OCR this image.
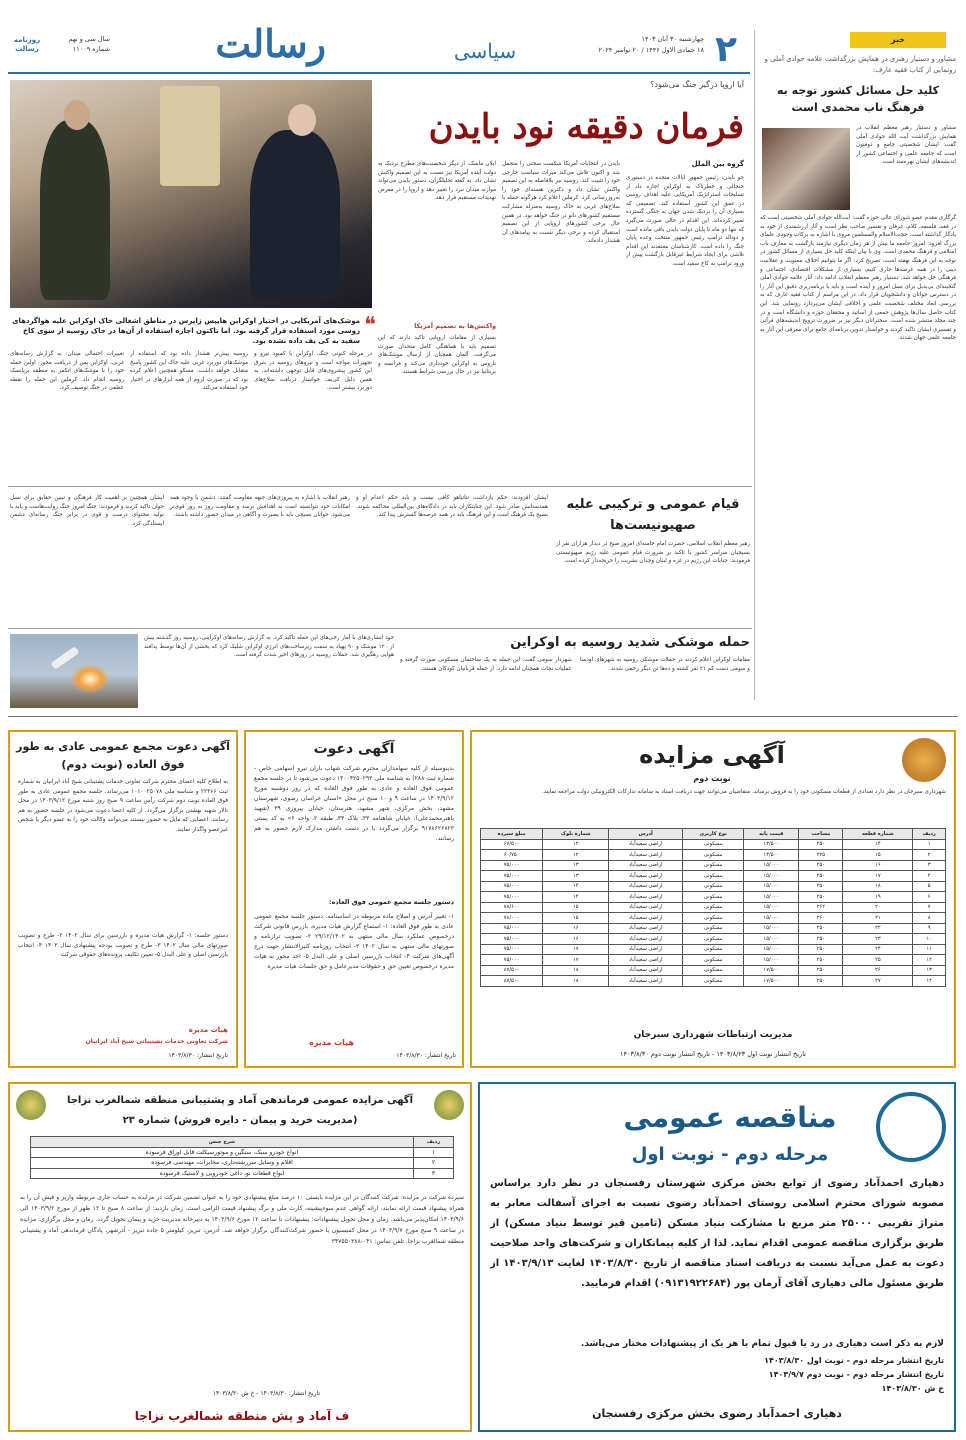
روزنامه رسالت
سال سی و نهم
شماره ۱۱۰۰۹	رسالت	سیاسی	چهارشنبه ۳۰ آبان ۱۴۰۳
۱۸ جمادی الاول ۱۴۴۶ / ۲۰ نوامبر ۲۰۲۴ ۲	خبر
مشاور و دستیار رهبری در همایش بزرگداشت علامه جوادی آملی و رونمایی از کتاب فقیه عارف:
کلید حل مسائل کشور توجه به فرهنگ ناب محمدی است
مشاور و دستیار رهبر معظم انقلاب در همایش بزرگداشت آیت الله جوادی آملی گفت: ایشان شخصیتی جامع و ذوفنون است که جامعه علمی و اجتماعی کشور از اندیشه‌های ایشان بهره‌مند است.
گرگاری مقدم عضو شورای عالی حوزه گفت: آیت‌الله جوادی آملی شخصیتی است که در فقه، فلسفه، کلام، عرفان و تفسیر صاحب نظر است و آثار ارزشمندی از خود به یادگار گذاشته است. حجت‌الاسلام والمسلمین مروی با اشاره به برکات وجودی علمای بزرگ افزود: امروز جامعه ما بیش از هر زمان دیگری نیازمند بازگشت به معارف ناب اسلامی و فرهنگ محمدی است. وی با بیان اینکه کلید حل بسیاری از مسائل کشور در توجه به این فرهنگ نهفته است، تصریح کرد: اگر ما بتوانیم اخلاق، معنویت و عقلانیت دینی را در همه عرصه‌ها جاری کنیم، بسیاری از مشکلات اقتصادی، اجتماعی و فرهنگی حل خواهد شد. دستیار رهبر معظم انقلاب ادامه داد: آثار علامه جوادی آملی گنجینه‌ای بی‌بدیل برای نسل امروز و آینده است و باید با برنامه‌ریزی دقیق این آثار را در دسترس جوانان و دانشجویان قرار داد. در این مراسم از کتاب فقیه عارف که به بررسی ابعاد مختلف شخصیت علمی و اخلاقی ایشان می‌پردازد رونمایی شد. این کتاب حاصل سال‌ها پژوهش جمعی از اساتید و محققان حوزه و دانشگاه است و در چند مجلد منتشر شده است. سخنرانان دیگر نیز بر ضرورت ترویج اندیشه‌های قرآنی و تفسیری ایشان تاکید کردند و خواستار تدوین برنامه‌ای جامع برای معرفی این آثار به جامعه علمی جهان شدند.
آیا اروپا درگیر جنگ می‌شود؟
فرمان دقیقه نود بایدن
❝
موشک‌های آمریکایی در اختیار اوکراین هایپس زاپرس در مناطق اشغالی خاک اوکراین علیه هواگردهای روسی مورد استفاده قرار گرفته بود. اما تاکنون اجازه استفاده از آن‌ها در خاک روسیه از سوی کاخ سفید به کی یف داده نشده بود.
گروه بین الملل
جو بایدن، رئیس جمهور ایالات متحده در دستوری جنجالی و خطرناک به اوکراین اجازه داد از تسلیحات استراتژیک آمریکایی علیه اهداف روسی در عمق این کشور استفاده کند. تصمیمی که بسیاری آن را نزدیک شدن جهان به جنگی گسترده تعبیر کرده‌اند. این اقدام در حالی صورت می‌گیرد که تنها دو ماه تا پایان دولت بایدن باقی مانده است و دونالد ترامپ رئیس جمهور منتخب وعده پایان جنگ را داده است. کارشناسان معتقدند این اقدام تلاشی برای ایجاد شرایط غیرقابل بازگشت پیش از ورود ترامپ به کاخ سفید است.
بایدن در انتخابات آمریکا شکست سختی را متحمل شد و اکنون تلاش می‌کند میراث سیاست خارجی خود را تثبیت کند. روسیه نیز بلافاصله به این تصمیم واکنش نشان داد و دکترین هسته‌ای خود را به‌روزرسانی کرد. کرملین اعلام کرد هرگونه حمله با سلاح‌های غربی به خاک روسیه به‌منزله مشارکت مستقیم کشورهای ناتو در جنگ خواهد بود. در همین حال برخی کشورهای اروپایی از این تصمیم استقبال کرده و برخی دیگر نسبت به پیامدهای آن هشدار داده‌اند.
ایلان ماسک، از دیگر شخصیت‌های مطرح نزدیک به دولت آینده آمریکا نیز نسبت به این تصمیم واکنش نشان داد. به گفته تحلیلگران، دستور بایدن می‌تواند موازنه میدان نبرد را تغییر دهد و اروپا را در معرض تهدیدات مستقیم قرار دهد.
واکنش‌ها به تصمیم آمریکا
بسیاری از مقامات اروپایی تاکید دارند که این تصمیم باید با هماهنگی کامل متحدان صورت می‌گرفت. آلمان همچنان از ارسال موشک‌های تاروس به اوکراین خودداری می‌کند و فرانسه و بریتانیا نیز در حال بررسی شرایط هستند.
در مرحله کنونی جنگ، اوکراین با کمبود نیرو و تجهیزات مواجه است و نیروهای روسیه در شرق این کشور پیشروی‌های قابل توجهی داشته‌اند. به همین دلیل کی‌یف خواستار دریافت سلاح‌های دوربرد بیشتر است.
روسیه پیش‌تر هشدار داده بود که استفاده از موشک‌های دوربرد غربی علیه خاک این کشور پاسخ متقابل خواهد داشت. مسکو همچنین اعلام کرده بود که در صورت لزوم از همه ابزارهای در اختیار خود استفاده می‌کند.
تغییرات احتمالی میدان: به گزارش رسانه‌های غربی، اوکراین پس از دریافت مجوز، اولین حمله خود را با موشک‌های اتکمز به منطقه بریانسک روسیه انجام داد. کرملین این حمله را نقطه عطفی در جنگ توصیف کرد.
قیام عمومی و ترکیبی علیه صهیونیست‌ها
رهبر معظم انقلاب اسلامی، حضرت امام خامنه‌ای امروز صبح در دیدار هزاران نفر از بسیجیان سراسر کشور با تاکید بر ضرورت قیام عمومی علیه رژیم صهیونیستی فرمودند: جنایات این رژیم در غزه و لبنان وجدان بشریت را جریحه‌دار کرده است.
ایشان افزودند: حکم بازداشت نتانیاهو کافی نیست و باید حکم اعدام او و همدستانش صادر شود. این جنایتکاران باید در دادگاه‌های بین‌المللی محاکمه شوند. بسیج یک فرهنگ است و این فرهنگ باید در همه عرصه‌ها گسترش پیدا کند.
رهبر انقلاب با اشاره به پیروزی‌های جبهه مقاومت گفتند: دشمن با وجود همه امکانات خود نتوانسته است به اهدافش برسد و مقاومت روز به روز قوی‌تر می‌شود. جوانان بسیجی باید با بصیرت و آگاهی در میدان حضور داشته باشند.
ایشان همچنین بر اهمیت کار فرهنگی و تبیین حقایق برای نسل جوان تاکید کردند و فرمودند: جنگ امروز جنگ روایت‌هاست و باید با تولید محتوای درست و قوی در برابر جنگ رسانه‌ای دشمن ایستادگی کرد.
حمله موشکی شدید روسیه به اوکراین
مقامات اوکراین اعلام کردند در حملات موشکی روسیه به شهرهای اودسا و سومی دست کم ۲۱ نفر کشته و ده‌ها تن دیگر زخمی شدند.
شهردار سومی گفت: این حمله به یک ساختمان مسکونی صورت گرفته و عملیات نجات همچنان ادامه دارد. از جمله قربانیان کودکان هستند.
خود انشاری‌های با آمار رخی‌های این حمله تاکید کرد. به گزارش رسانه‌های اوکراینی، روسیه روز گذشته بیش از ۱۲۰ موشک و ۹۰ پهپاد به سمت زیرساخت‌های انرژی اوکراین شلیک کرد که بخشی از آن‌ها توسط پدافند هوایی رهگیری شد. حملات روسیه در روزهای اخیر شدت گرفته است.
آگهی مزایده
نوبت دوم
شهرداری سیرجان در نظر دارد تعدادی از قطعات مسکونی خود را به فروش برساند. متقاضیان می‌توانند جهت دریافت اسناد به سامانه تدارکات الکترونیکی دولت مراجعه نمایند.
ردیف	شماره قطعه	مساحت	قیمت پایه	نوع کاربری	آدرس	شماره بلوک	مبلغ سپرده
۱	۱۴	۲۵۰	۱۳/۵۰۰	مسکونی	اراضی سعیدآباد	۱۲	۶۷/۵۰۰
۲	۱۵	۲۲۵	۱۳/۵۰۰	مسکونی	اراضی سعیدآباد	۱۲	۶۰/۷۵۰
۳	۱۶	۲۵۰	۱۵/۰۰۰	مسکونی	اراضی سعیدآباد	۱۳	۷۵/۰۰۰
۴	۱۷	۲۵۰	۱۵/۰۰۰	مسکونی	اراضی سعیدآباد	۱۳	۷۵/۰۰۰
۵	۱۸	۲۵۰	۱۵/۰۰۰	مسکونی	اراضی سعیدآباد	۱۴	۷۵/۰۰۰
۶	۱۹	۲۵۰	۱۵/۰۰۰	مسکونی	اراضی سعیدآباد	۱۴	۷۵/۰۰۰
۷	۲۰	۲۶۲	۱۵/۰۰۰	مسکونی	اراضی سعیدآباد	۱۵	۷۸/۶۰۰
۸	۲۱	۲۶۰	۱۵/۰۰۰	مسکونی	اراضی سعیدآباد	۱۵	۷۸/۰۰۰
۹	۲۲	۲۵۰	۱۵/۰۰۰	مسکونی	اراضی سعیدآباد	۱۶	۷۵/۰۰۰
۱۰	۲۳	۲۵۰	۱۵/۰۰۰	مسکونی	اراضی سعیدآباد	۱۶	۷۵/۰۰۰
۱۱	۲۴	۲۵۰	۱۵/۰۰۰	مسکونی	اراضی سعیدآباد	۱۷	۷۵/۰۰۰
۱۲	۲۵	۲۵۰	۱۵/۰۰۰	مسکونی	اراضی سعیدآباد	۱۷	۷۵/۰۰۰
۱۳	۲۶	۲۵۰	۱۷/۵۰۰	مسکونی	اراضی سعیدآباد	۱۸	۸۷/۵۰۰
۱۴	۲۷	۲۵۰	۱۷/۵۰۰	مسکونی	اراضی سعیدآباد	۱۸	۸۷/۵۰۰
مدیریت ارتباطات شهرداری سیرجان
تاریخ انتشار نوبت اول ۱۴۰۳/۸/۲۳ - تاریخ انتشار نوبت دوم ۱۴۰۳/۸/۳۰
آگهی دعوت
بدینوسیله از کلیه سهامداران محترم شرکت شهاب باران نیرو (سهامی خاص - شماره ثبت ۲۸۸) به شناسه ملی ۱۴۰۰۴۲۵۰۲۹۳ دعوت می‌شود تا در جلسه مجمع عمومی فوق العاده و عادی به طور فوق العاده که در روز دوشنبه مورخ ۱۴۰۳/۹/۱۲ در ساعت ۹ و ۱۰ صبح در محل «استان خراسان رضوی، شهرستان مشهد، بخش مرکزی، شهر مشهد، هنرستان، خیابان پیروزی ۳۹ (شهید باهنرمحمدعلی)، خیابان شاهنامه ۳۳، پلاک ۳۴، طبقه ۲، واحد ۶» به کد پستی ۹۱۷۸۶۲۶۸۲۳ برگزار می‌گردد با در دست داشتن مدارک لازم حضور به هم رسانند.
دستور جلسه مجمع عمومی فوق العاده:
۱- تغییر آدرس و اصلاح ماده مربوطه در اساسنامه. دستور جلسه مجمع عمومی عادی به طور فوق العاده: ۱- استماع گزارش هیات مدیره، بازرس قانونی شرکت درخصوص عملکرد سال مالی منتهی به ۲۹/۱۲/۱۴۰۲ ۲- تصویب ترازنامه و صورتهای مالی منتهی به سال ۱۴۰۲ ۳- انتخاب روزنامه کثیرالانتشار جهت درج آگهی‌های شرکت ۴- انتخاب بازرسین اصلی و علی البدل ۵- اخذ مجوز به هیات مدیره درخصوص تعیین حق و حقوقات مدیرعامل و حق جلسات هیات مدیره
هیات مدیره
تاریخ انتشار: ۱۴۰۳/۸/۳۰
آگهی دعوت مجمع عمومی عادی به طور فوق العاده (نوبت دوم)
به اطلاع کلیه اعضای محترم شرکت تعاونی خدمات پشتیبانی شیخ آباد ایرانیان به شماره ثبت ۲۲۴۶۶ و شناسه ملی ۱۰۱۰۰۲۵۰۷۸ می‌رساند، جلسه مجمع عمومی عادی به طور فوق العاده نوبت دوم شرکت رأس ساعت ۹ صبح روز شنبه مورخ ۱۴۰۳/۹/۱۲ در محل تالار شهید بهشتی برگزار می‌گردد. از کلیه اعضا دعوت می‌شود در جلسه حضور به هم رسانند. اعضایی که مایل به حضور نیستند می‌توانند وکالت خود را به عضو دیگر یا شخص غیرعضو واگذار نمایند.
دستور جلسه: ۱- گزارش هیات مدیره و بازرسین برای سال ۱۴۰۲ ۲- طرح و تصویب صورتهای مالی سال ۱۴۰۲ ۳- طرح و تصویب بودجه پیشنهادی سال ۱۴۰۳ ۴- انتخاب بازرسین اصلی و علی البدل ۵- تعیین تکلیف پرونده‌های حقوقی شرکت
هیات مدیره
شرکت تعاونی خدمات پشتیبانی شیخ آباد ایرانیان
تاریخ انتشار: ۱۴۰۳/۸/۳۰
مناقصه عمومی
مرحله دوم - نوبت اول
دهیاری احمدآباد رضوی از توابع بخش مرکزی شهرستان رفسنجان در نظر دارد براساس مصوبه شورای محترم اسلامی روستای احمدآباد رضوی نسبت به اجرای آسفالت معابر به متراژ تقریبی ۲۵۰۰۰ متر مربع با مشارکت بنیاد مسکن (تامین قیر توسط بنیاد مسکن) از طریق برگزاری مناقصه عمومی اقدام نماید. لذا از کلیه پیمانکاران و شرکت‌های واجد صلاحیت دعوت به عمل می‌آید نسبت به دریافت اسناد مناقصه از تاریخ ۱۴۰۳/۸/۳۰ لغایت ۱۴۰۳/۹/۱۳ از طریق مسئول مالی دهیاری آقای آرمان پور (۰۹۱۳۱۹۲۲۶۸۴) اقدام فرمایید.
لازم به ذکر است دهیاری در رد یا قبول تمام یا هر یک از پیشنهادات مختار می‌باشد.
تاریخ انتشار مرحله دوم - نوبت اول ۱۴۰۳/۸/۳۰
تاریخ انتشار مرحله دوم - نوبت دوم ۱۴۰۳/۹/۷
خ ش ۱۴۰۳/۸/۳۰
دهیاری احمدآباد رضوی بخش مرکزی رفسنجان
آگهی مزایده عمومی فرماندهی آماد و پشتیبانی منطقه شمالغرب نزاجا
(مدیریت خرید و پیمان - دایره فروش) شماره ۲۳
ردیف	شرح جنس
۱	انواع خودرو سبک، سنگین و موتورسیکلت قابل اوراق فرسوده
۲	اقلام و وسایل سررشته‌داری، مخابرات، مهندسی فرسوده
۳	انواع قطعات نو، داغی خودرویی و لاستیک فرسوده
سپرده شرکت در مزایده: شرکت کنندگان در این مزایده بایستی ۱۰ درصد مبلغ پیشنهادی خود را به عنوان تضمین شرکت در مزایده به حساب جاری مربوطه واریز و فیش آن را به همراه پیشنهاد قیمت ارائه نمایند. ارائه گواهی عدم سوءپیشینه، کارت ملی و برگ پیشنهاد قیمت الزامی است. زمان بازدید: از ساعت ۸ صبح تا ۱۲ ظهر از مورخ ۱۴۰۳/۹/۲ الی ۱۴۰۳/۹/۶ امکان‌پذیر می‌باشد. زمان و محل تحویل پیشنهادات: پیشنهادات تا ساعت ۱۲ مورخ ۱۴۰۳/۹/۶ به دبیرخانه مدیریت خرید و پیمان تحویل گردد. زمان و محل برگزاری: مزایده در ساعت ۹ صبح مورخ ۱۴۰۳/۹/۷ در محل کمیسیون با حضور شرکت‌کنندگان برگزار خواهد شد. آدرس: تبریز، کیلومتر ۵ جاده تبریز - آذرشهر، پادگان فرماندهی آماد و پشتیبانی منطقه شمالغرب نزاجا. تلفن تماس: ۰۴۱-۳۴۷۵۵۰۳۸۸
تاریخ انتشار: ۱۴۰۳/۸/۳۰ - خ ش ۱۴۰۳/۸/۳۰
ف آماد و پش منطقه شمالغرب نزاجا
